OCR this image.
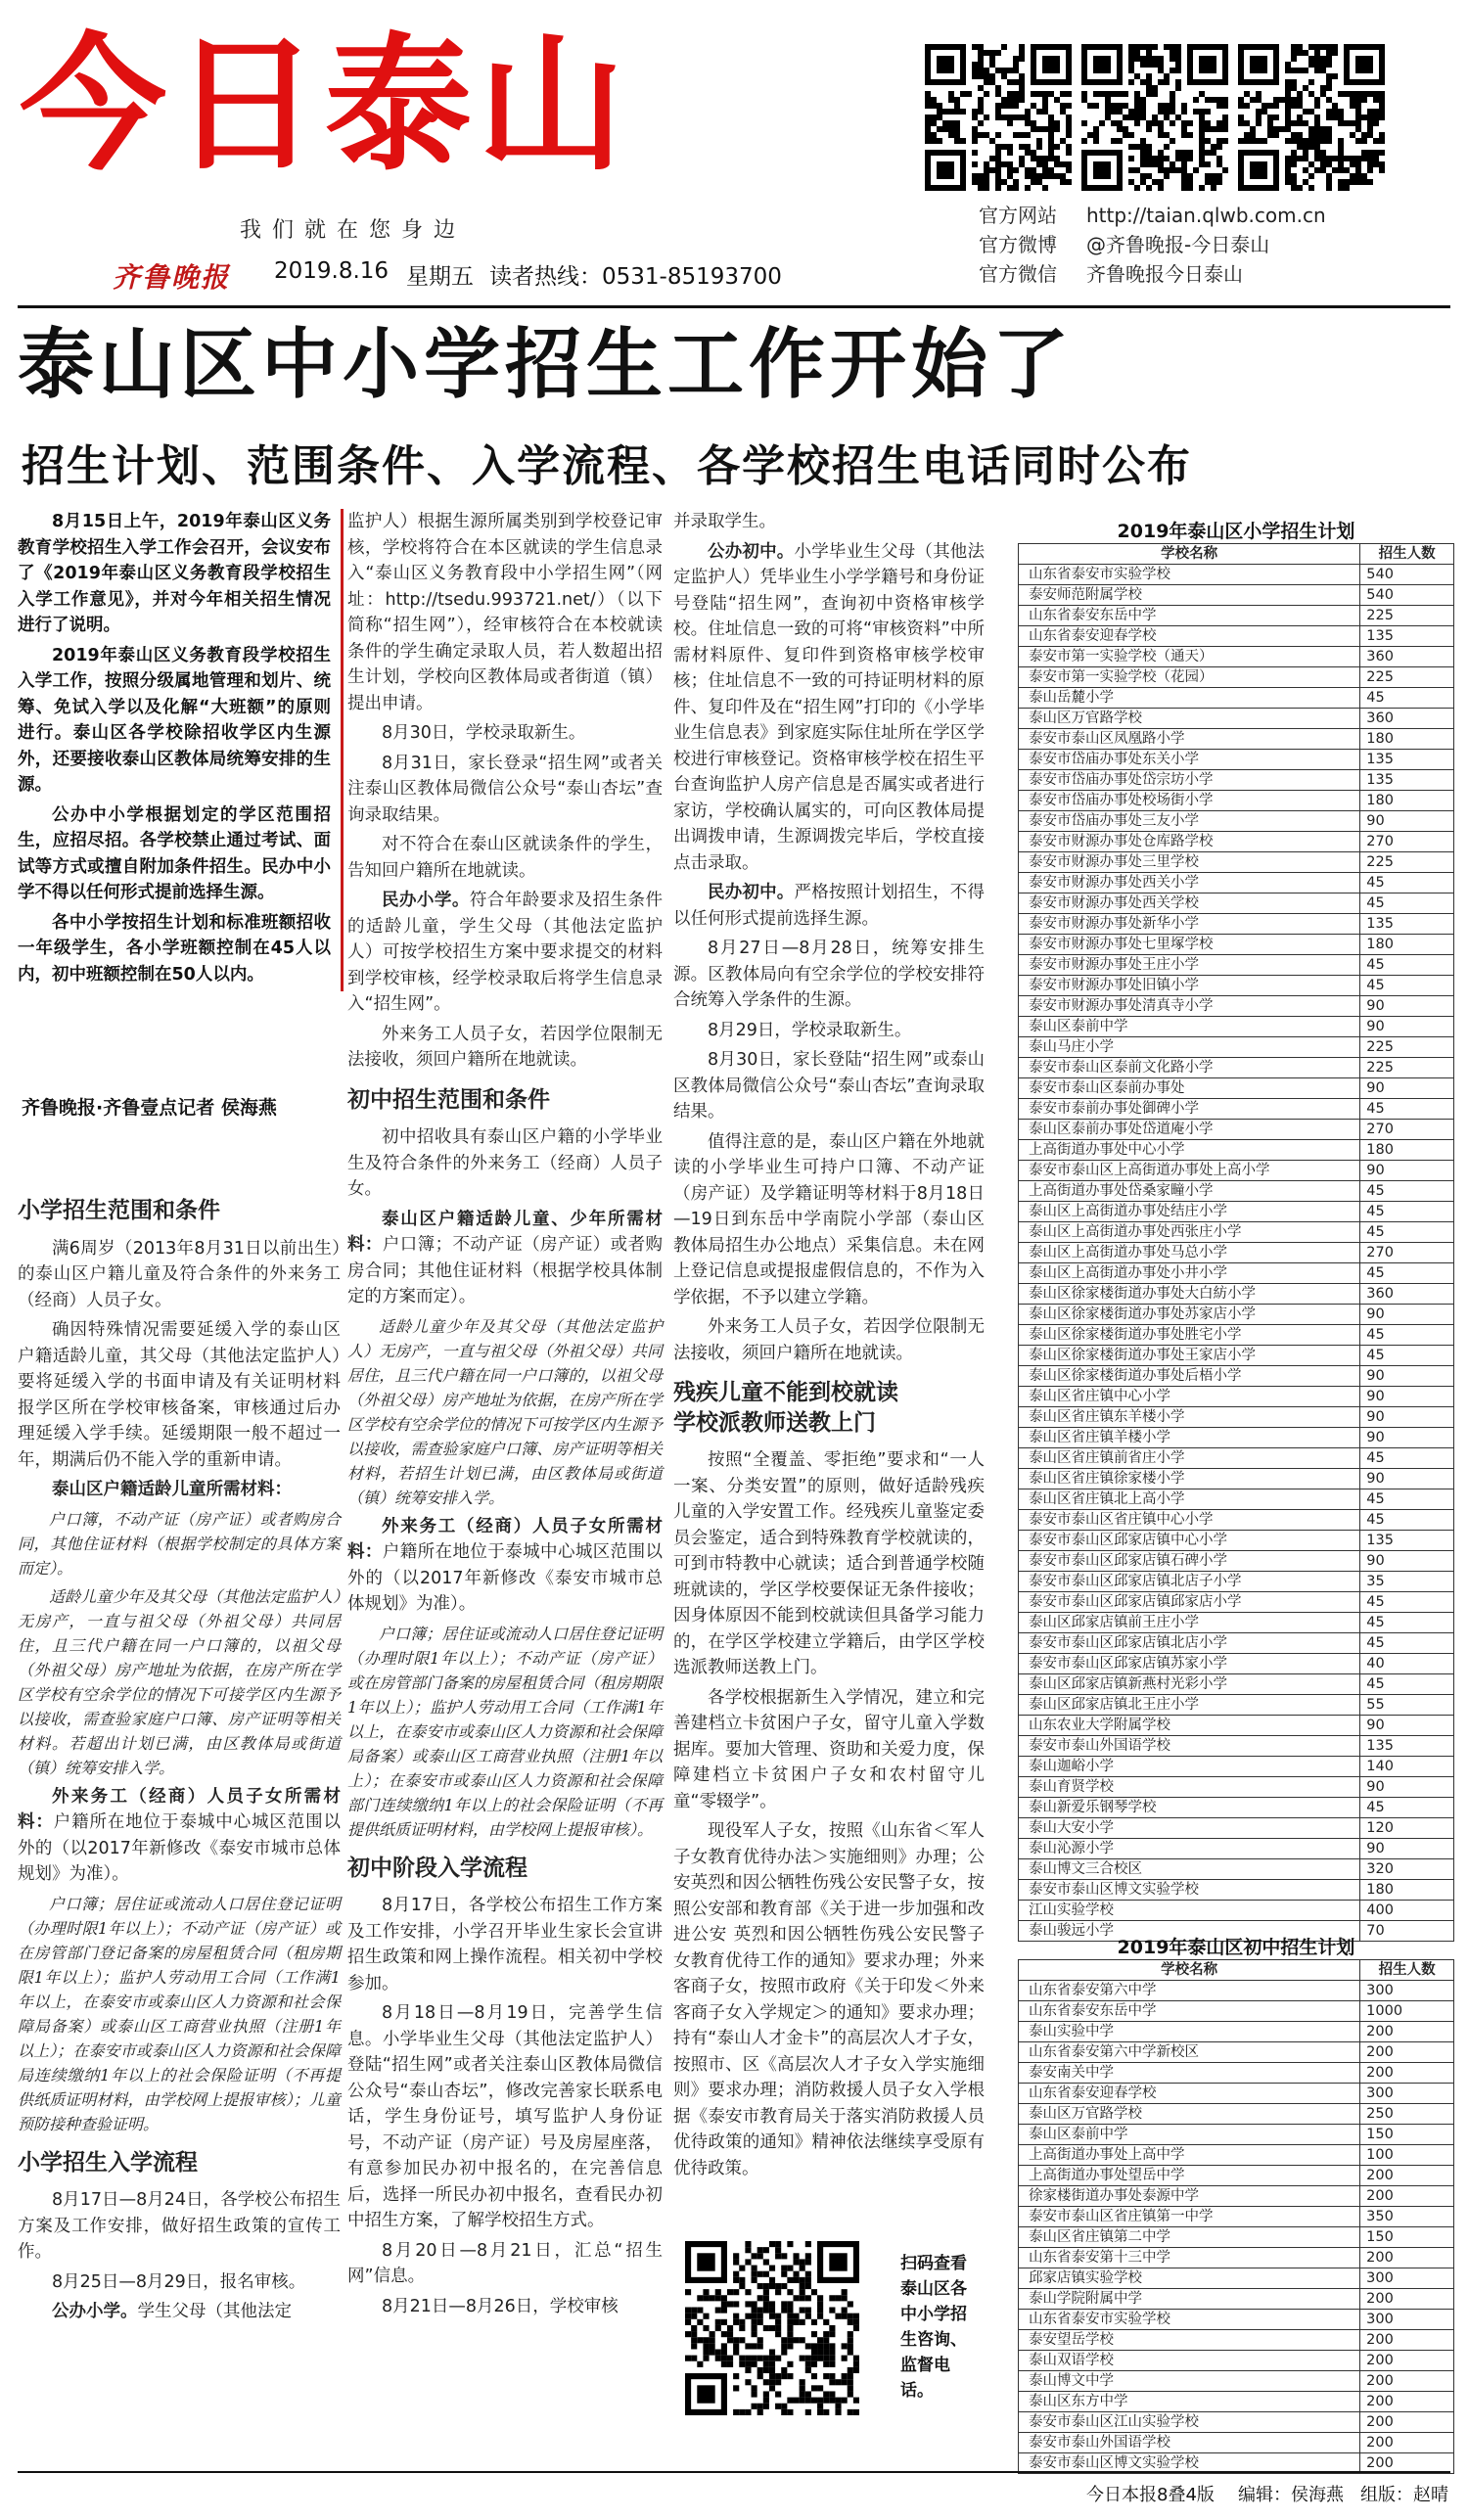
今日泰山
我们就在您身边
齐鲁晚报 2019.8.16 星期五 读者热线：0531-85193700
官方网站	http://taian.qlwb.com.cn
官方微博	@齐鲁晚报-今日泰山
官方微信	齐鲁晚报今日泰山
泰山区中小学招生工作开始了
招生计划、范围条件、入学流程、各学校招生电话同时公布

8月15日上午，2019年泰山区义务教育学校招生入学工作会召开，会议安布了《2019年泰山区义务教育段学校招生入学工作意见》，并对今年相关招生情况进行了说明。

2019年泰山区义务教育段学校招生入学工作，按照分级属地管理和划片、统筹、免试入学以及化解“大班额”的原则进行。泰山区各学校除招收学区内生源外，还要接收泰山区教体局统筹安排的生源。

公办中小学根据划定的学区范围招生，应招尽招。各学校禁止通过考试、面试等方式或擅自附加条件招生。民办中小学不得以任何形式提前选择生源。

各中小学按招生计划和标准班额招收一年级学生，各小学班额控制在45人以内，初中班额控制在50人以内。

齐鲁晚报·齐鲁壹点记者 侯海燕
小学招生范围和条件

满6周岁（2013年8月31日以前出生）的泰山区户籍儿童及符合条件的外来务工（经商）人员子女。

确因特殊情况需要延缓入学的泰山区户籍适龄儿童，其父母（其他法定监护人）要将延缓入学的书面申请及有关证明材料报学区所在学校审核备案，审核通过后办理延缓入学手续。延缓期限一般不超过一年，期满后仍不能入学的重新申请。

泰山区户籍适龄儿童所需材料：

户口簿，不动产证（房产证）或者购房合同，其他住证材料（根据学校制定的具体方案而定）。

适龄儿童少年及其父母（其他法定监护人）无房产，一直与祖父母（外祖父母）共同居住，且三代户籍在同一户口簿的，以祖父母（外祖父母）房产地址为依据，在房产所在学区学校有空余学位的情况下可接学区内生源予以接收，需查验家庭户口簿、房产证明等相关材料。若超出计划已满，由区教体局或街道（镇）统筹安排入学。

外来务工（经商）人员子女所需材料：户籍所在地位于泰城中心城区范围以外的（以2017年新修改《泰安市城市总体规划》为准）。

户口簿；居住证或流动人口居住登记证明（办理时限1年以上）；不动产证（房产证）或在房管部门登记备案的房屋租赁合同（租房期限1年以上）；监护人劳动用工合同（工作满1年以上，在泰安市或泰山区人力资源和社会保障局备案）或泰山区工商营业执照（注册1年以上）；在泰安市或泰山区人力资源和社会保障局连续缴纳1年以上的社会保险证明（不再提供纸质证明材料，由学校网上提报审核）；儿童预防接种查验证明。

小学招生入学流程

8月17日—8月24日，各学校公布招生方案及工作安排，做好招生政策的宣传工作。

8月25日—8月29日，报名审核。

公办小学。学生父母（其他法定

监护人）根据生源所属类别到学校登记审核，学校将符合在本区就读的学生信息录入“泰山区义务教育段中小学招生网”（网址：http://tsedu.993721.net/）（以下简称“招生网”），经审核符合在本校就读条件的学生确定录取人员，若人数超出招生计划，学校向区教体局或者街道（镇）提出申请。

8月30日，学校录取新生。

8月31日，家长登录“招生网”或者关注泰山区教体局微信公众号“泰山杏坛”查询录取结果。

对不符合在泰山区就读条件的学生，告知回户籍所在地就读。

民办小学。符合年龄要求及招生条件的适龄儿童，学生父母（其他法定监护人）可按学校招生方案中要求提交的材料到学校审核，经学校录取后将学生信息录入“招生网”。

外来务工人员子女，若因学位限制无法接收，须回户籍所在地就读。

初中招生范围和条件

初中招收具有泰山区户籍的小学毕业生及符合条件的外来务工（经商）人员子女。

泰山区户籍适龄儿童、少年所需材料：户口簿；不动产证（房产证）或者购房合同；其他住证材料（根据学校具体制定的方案而定）。

适龄儿童少年及其父母（其他法定监护人）无房产，一直与祖父母（外祖父母）共同居住，且三代户籍在同一户口簿的，以祖父母（外祖父母）房产地址为依据，在房产所在学区学校有空余学位的情况下可按学区内生源予以接收，需查验家庭户口簿、房产证明等相关材料，若招生计划已满，由区教体局或街道（镇）统筹安排入学。

外来务工（经商）人员子女所需材料：户籍所在地位于泰城中心城区范围以外的（以2017年新修改《泰安市城市总体规划》为准）。

户口簿；居住证或流动人口居住登记证明（办理时限1年以上）；不动产证（房产证）或在房管部门备案的房屋租赁合同（租房期限1年以上）；监护人劳动用工合同（工作满1年以上，在泰安市或泰山区人力资源和社会保障局备案）或泰山区工商营业执照（注册1年以上）；在泰安市或泰山区人力资源和社会保障部门连续缴纳1年以上的社会保险证明（不再提供纸质证明材料，由学校网上提报审核）。

初中阶段入学流程

8月17日，各学校公布招生工作方案及工作安排，小学召开毕业生家长会宣讲招生政策和网上操作流程。相关初中学校参加。

8月18日—8月19日，完善学生信息。小学毕业生父母（其他法定监护人）登陆“招生网”或者关注泰山区教体局微信公众号“泰山杏坛”，修改完善家长联系电话，学生身份证号，填写监护人身份证号，不动产证（房产证）号及房屋座落，有意参加民办初中报名的，在完善信息后，选择一所民办初中报名，查看民办初中招生方案，了解学校招生方式。

8月20日—8月21日，汇总“招生网”信息。

8月21日—8月26日，学校审核

并录取学生。

公办初中。小学毕业生父母（其他法定监护人）凭毕业生小学学籍号和身份证号登陆“招生网”，查询初中资格审核学校。住址信息一致的可将“审核资料”中所需材料原件、复印件到资格审核学校审核；住址信息不一致的可持证明材料的原件、复印件及在“招生网”打印的《小学毕业生信息表》到家庭实际住址所在学区学校进行审核登记。资格审核学校在招生平台查询监护人房产信息是否属实或者进行家访，学校确认属实的，可向区教体局提出调拨申请，生源调拨完毕后，学校直接点击录取。

民办初中。严格按照计划招生，不得以任何形式提前选择生源。

8月27日—8月28日，统筹安排生源。区教体局向有空余学位的学校安排符合统筹入学条件的生源。

8月29日，学校录取新生。

8月30日，家长登陆“招生网”或泰山区教体局微信公众号“泰山杏坛”查询录取结果。

值得注意的是，泰山区户籍在外地就读的小学毕业生可持户口簿、不动产证（房产证）及学籍证明等材料于8月18日—19日到东岳中学南院小学部（泰山区教体局招生办公地点）采集信息。未在网上登记信息或提报虚假信息的，不作为入学依据，不予以建立学籍。

外来务工人员子女，若因学位限制无法接收，须回户籍所在地就读。

残疾儿童不能到校就读
学校派教师送教上门

按照“全覆盖、零拒绝”要求和“一人一案、分类安置”的原则，做好适龄残疾儿童的入学安置工作。经残疾儿童鉴定委员会鉴定，适合到特殊教育学校就读的，可到市特教中心就读；适合到普通学校随班就读的，学区学校要保证无条件接收；因身体原因不能到校就读但具备学习能力的，在学区学校建立学籍后，由学区学校选派教师送教上门。

各学校根据新生入学情况，建立和完善建档立卡贫困户子女，留守儿童入学数据库。要加大管理、资助和关爱力度，保障建档立卡贫困户子女和农村留守儿童“零辍学”。

现役军人子女，按照《山东省＜军人子女教育优待办法＞实施细则》办理；公安英烈和因公牺牲伤残公安民警子女，按照公安部和教育部《关于进一步加强和改进公安 英烈和因公牺牲伤残公安民警子女教育优待工作的通知》要求办理；外来客商子女，按照市政府《关于印发＜外来客商子女入学规定＞的通知》要求办理；持有“泰山人才金卡”的高层次人才子女，按照市、区《高层次人才子女入学实施细则》要求办理；消防救援人员子女入学根据《泰安市教育局关于落实消防救援人员优待政策的通知》精神依法继续享受原有优待政策。

扫码查看泰山区各中小学招生咨询、监督电话。
2019年泰山区小学招生计划
学校名称	招生人数
山东省泰安市实验学校	540
泰安师范附属学校	540
山东省泰安东岳中学	225
山东省泰安迎春学校	135
泰安市第一实验学校（通天）	360
泰安市第一实验学校（花园）	225
泰山岳麓小学	45
泰山区万官路学校	360
泰安市泰山区凤凰路小学	180
泰安市岱庙办事处东关小学	135
泰安市岱庙办事处岱宗坊小学	135
泰安市岱庙办事处校场街小学	180
泰安市岱庙办事处三友小学	90
泰安市财源办事处仓库路学校	270
泰安市财源办事处三里学校	225
泰安市财源办事处西关小学	45
泰安市财源办事处西关学校	45
泰安市财源办事处新华小学	135
泰安市财源办事处七里塚学校	180
泰安市财源办事处王庄小学	45
泰安市财源办事处旧镇小学	45
泰安市财源办事处清真寺小学	90
泰山区泰前中学	90
泰山马庄小学	225
泰安市泰山区泰前文化路小学	225
泰安市泰山区泰前办事处	90
泰安市泰前办事处御碑小学	45
泰山区泰前办事处岱道庵小学	270
上高街道办事处中心小学	180
泰安市泰山区上高街道办事处上高小学	90
上高街道办事处岱桑家疃小学	45
泰山区上高街道办事处结庄小学	45
泰山区上高街道办事处西张庄小学	45
泰山区上高街道办事处马总小学	270
泰山区上高街道办事处小井小学	45
泰山区徐家楼街道办事处大白紡小学	360
泰山区徐家楼街道办事处苏家店小学	90
泰山区徐家楼街道办事处胜宅小学	45
泰山区徐家楼街道办事处王家店小学	45
泰山区徐家楼街道办事处后梧小学	90
泰山区省庄镇中心小学	90
泰山区省庄镇东羊楼小学	90
泰山区省庄镇羊楼小学	90
泰山区省庄镇前省庄小学	45
泰山区省庄镇徐家楼小学	90
泰山区省庄镇北上高小学	45
泰安市泰山区省庄镇中心小学	45
泰安市泰山区邱家店镇中心小学	135
泰安市泰山区邱家店镇石碑小学	90
泰安市泰山区邱家店镇北店子小学	35
泰安市泰山区邱家店镇邱家店小学	45
泰山区邱家店镇前王庄小学	45
泰安市泰山区邱家店镇北店小学	45
泰安市泰山区邱家店镇苏家小学	40
泰山区邱家店镇新燕村光彩小学	45
泰山区邱家店镇北王庄小学	55
山东农业大学附属学校	90
泰安市泰山外国语学校	135
泰山迦峪小学	140
泰山育贤学校	90
泰山新爱乐钢琴学校	45
泰山大安小学	120
泰山沁源小学	90
泰山博文三合校区	320
泰安市泰山区博文实验学校	180
江山实验学校	400
泰山骏远小学	70
2019年泰山区初中招生计划
学校名称	招生人数
山东省泰安第六中学	300
山东省泰安东岳中学	1000
泰山实验中学	200
山东省泰安第六中学新校区	200
泰安南关中学	200
山东省泰安迎春学校	300
泰山区万官路学校	250
泰山区泰前中学	150
上高街道办事处上高中学	100
上高街道办事处望岳中学	200
徐家楼街道办事处泰源中学	200
泰安市泰山区省庄镇第一中学	350
泰山区省庄镇第二中学	150
山东省泰安第十三中学	200
邱家店镇实验学校	300
泰山学院附属中学	200
山东省泰安市实验学校	300
泰安望岳学校	200
泰山双语学校	200
泰山博文中学	200
泰山区东方中学	200
泰安市泰山区江山实验学校	200
泰安市泰山外国语学校	200
泰安市泰山区博文实验学校	200
今日本报8叠4版 编辑：侯海燕 组版：赵晴
